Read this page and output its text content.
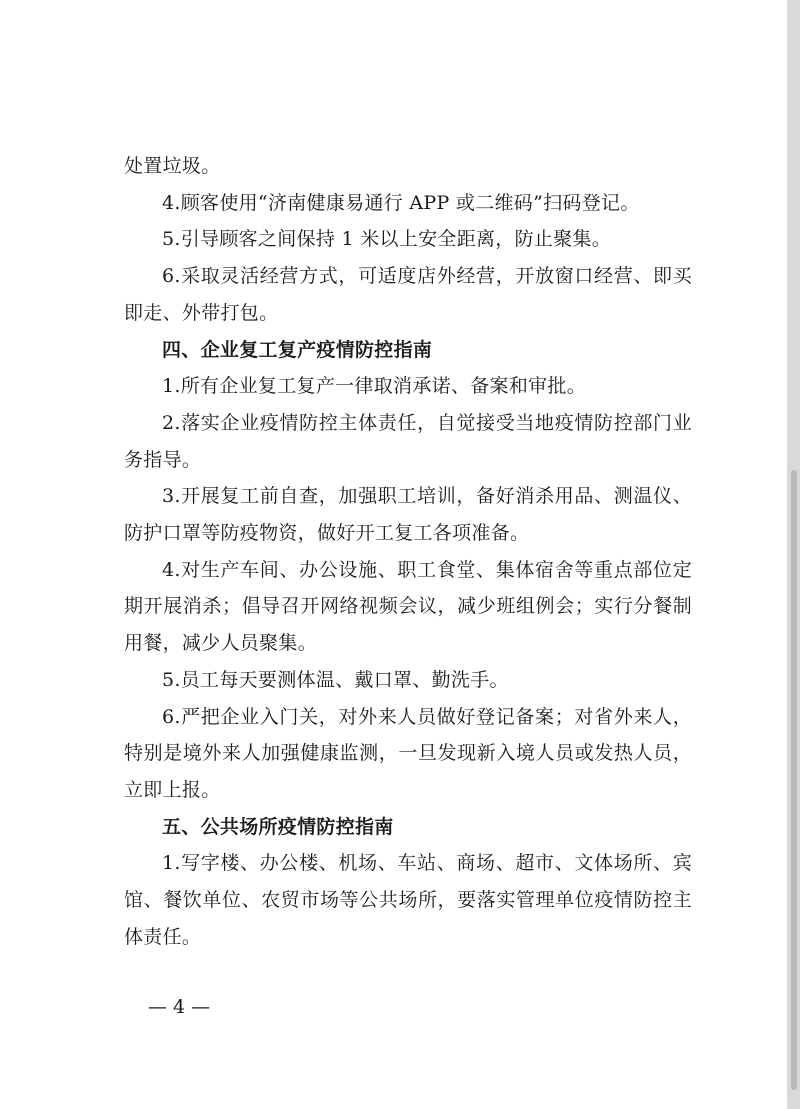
处置垃圾。

4.顾客使用“济南健康易通行 APP 或二维码”扫码登记。

5.引导顾客之间保持 1 米以上安全距离，防止聚集。

6.采取灵活经营方式，可适度店外经营，开放窗口经营、即买即走、外带打包。

四、企业复工复产疫情防控指南

1.所有企业复工复产一律取消承诺、备案和审批。

2.落实企业疫情防控主体责任，自觉接受当地疫情防控部门业务指导。

3.开展复工前自查，加强职工培训，备好消杀用品、测温仪、防护口罩等防疫物资，做好开工复工各项准备。

4.对生产车间、办公设施、职工食堂、集体宿舍等重点部位定期开展消杀；倡导召开网络视频会议，减少班组例会；实行分餐制用餐，减少人员聚集。

5.员工每天要测体温、戴口罩、勤洗手。

6.严把企业入门关，对外来人员做好登记备案；对省外来人，特别是境外来人加强健康监测，一旦发现新入境人员或发热人员，立即上报。

五、公共场所疫情防控指南

1.写字楼、办公楼、机场、车站、商场、超市、文体场所、宾馆、餐饮单位、农贸市场等公共场所，要落实管理单位疫情防控主体责任。

— 4 —
